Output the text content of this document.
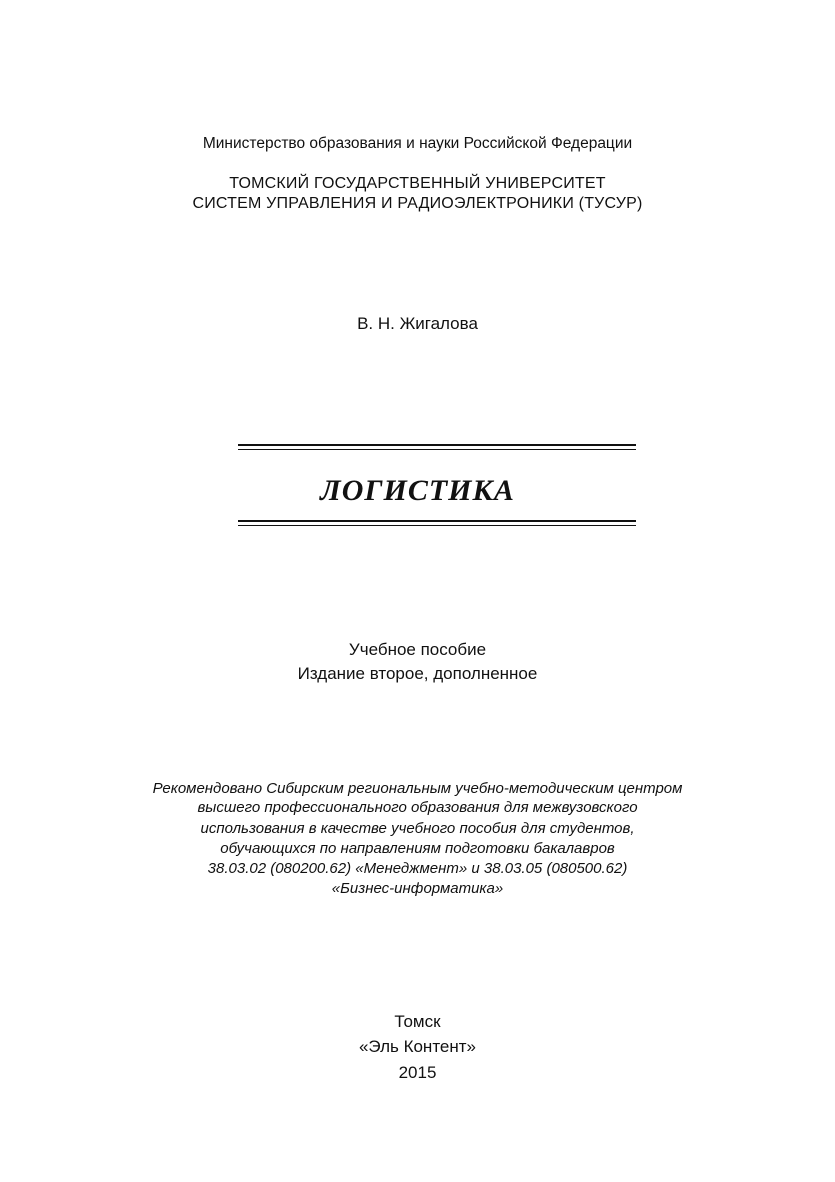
Министерство образования и науки Российской Федерации
ТОМСКИЙ ГОСУДАРСТВЕННЫЙ УНИВЕРСИТЕТ
СИСТЕМ УПРАВЛЕНИЯ И РАДИОЭЛЕКТРОНИКИ (ТУСУР)
В. Н. Жигалова
ЛОГИСТИКА
Учебное пособие
Издание второе, дополненное
Рекомендовано Сибирским региональным учебно-методическим центром
высшего профессионального образования для межвузовского
использования в качестве учебного пособия для студентов,
обучающихся по направлениям подготовки бакалавров
38.03.02 (080200.62) «Менеджмент» и 38.03.05 (080500.62)
«Бизнес-информатика»
Томск
«Эль Контент»
2015
